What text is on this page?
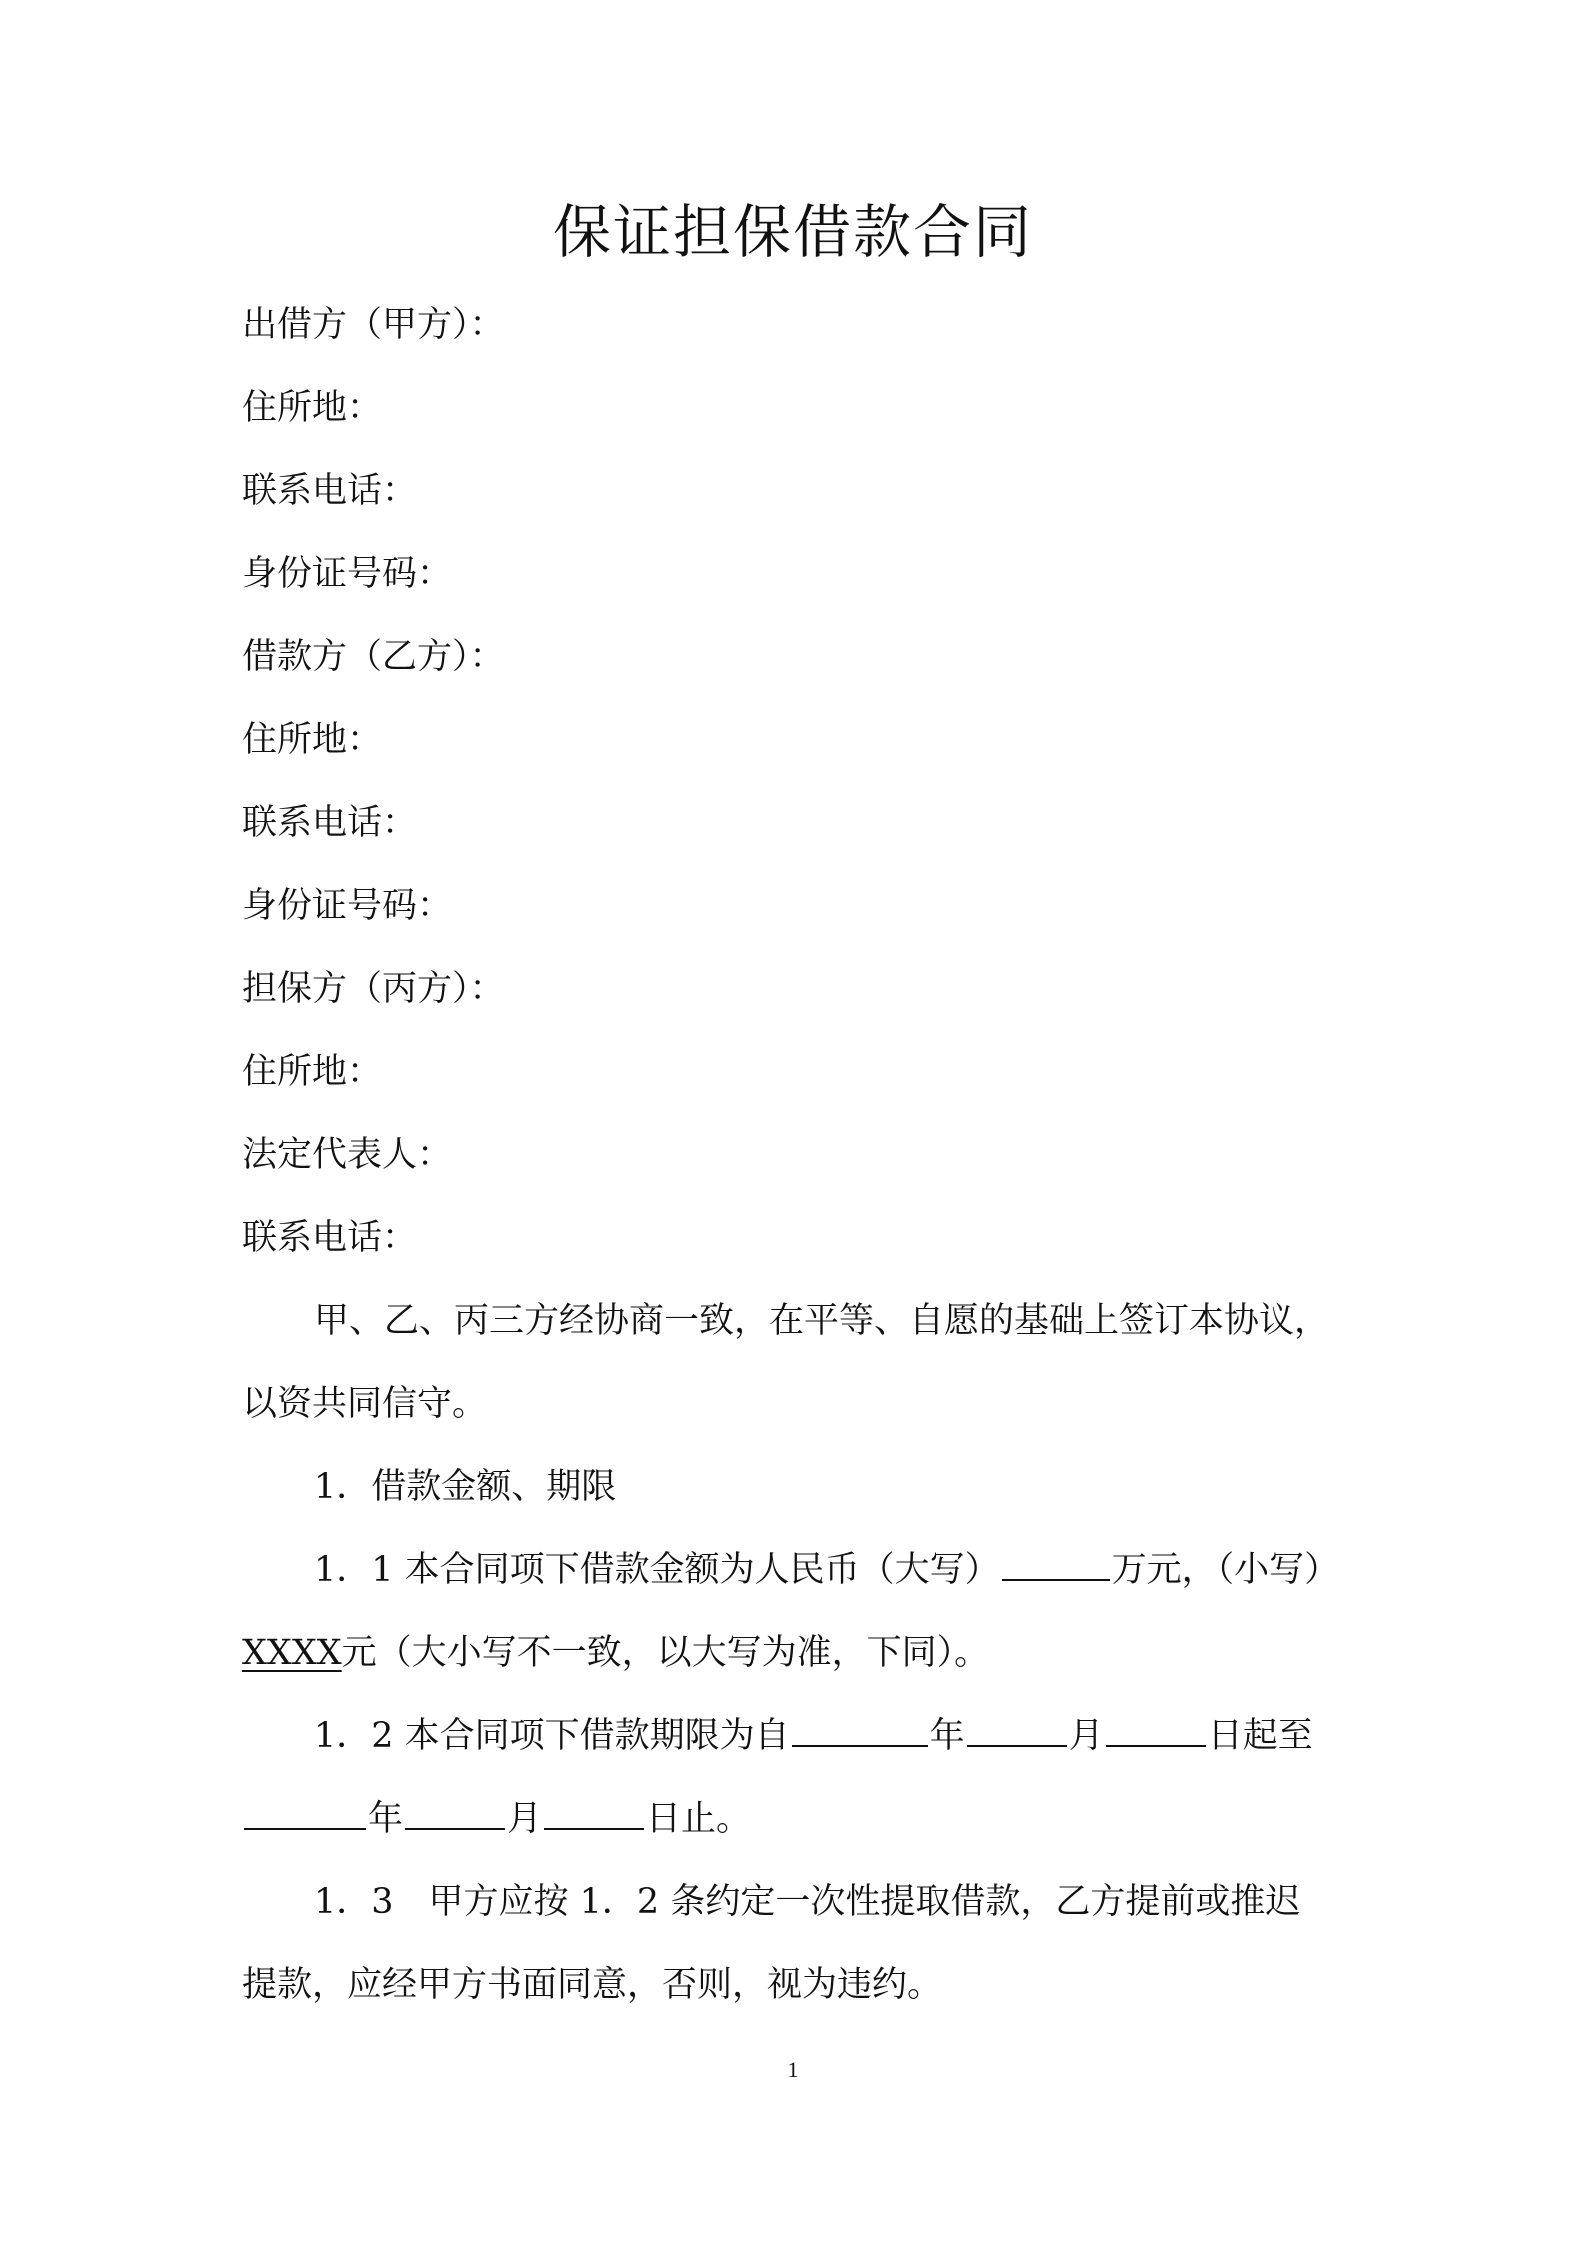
保证担保借款合同

出借方（甲方）：

住所地：

联系电话：

身份证号码：

借款方（乙方）：

住所地：

联系电话：

身份证号码：

担保方（丙方）：

住所地：

法定代表人：

联系电话：

甲、乙、丙三方经协商一致，在平等、自愿的基础上签订本协议，

以资共同信守。

1．借款金额、期限

1．1 本合同项下借款金额为人民币（大写）	万元，（小写）

XXXX元（大小写不一致，以大写为准，下同）。

1．2 本合同项下借款期限为自	年	月	日起至

年	月	日止。

1．3　甲方应按 1．2 条约定一次性提取借款，乙方提前或推迟

提款，应经甲方书面同意，否则，视为违约。

1
